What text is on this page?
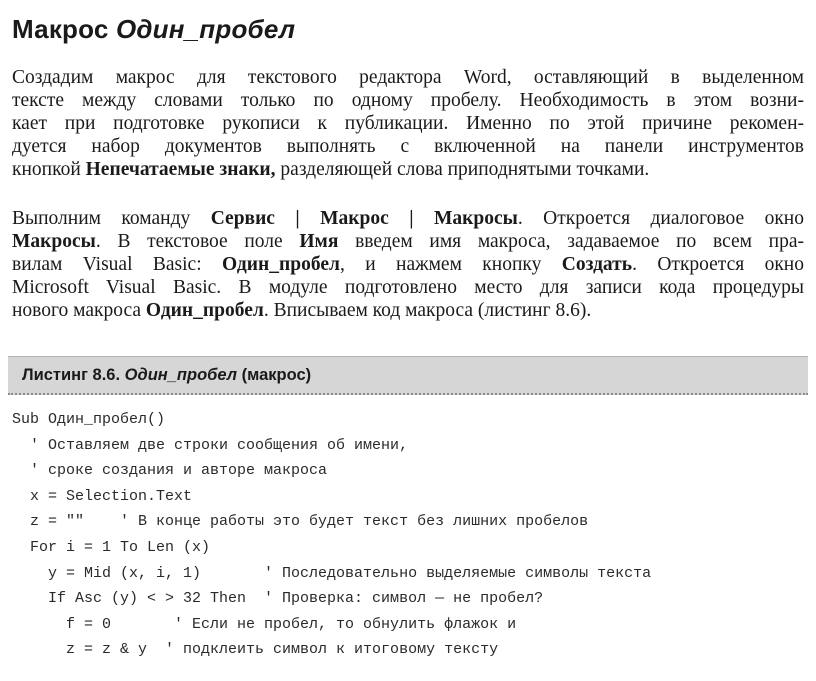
Макрос Один_пробел

Создадим макрос для текстового редактора Word, оставляющий в выделенном
тексте между словами только по одному пробелу. Необходимость в этом возни-
кает при подготовке рукописи к публикации. Именно по этой причине рекомен-
дуется набор документов выполнять с включенной на панели инструментов
кнопкой Непечатаемые знаки, разделяющей слова приподнятыми точками.

Выполним команду Сервис | Макрос | Макросы. Откроется диалоговое окно
Макросы. В текстовое поле Имя введем имя макроса, задаваемое по всем пра-
вилам Visual Basic: Один_пробел, и нажмем кнопку Создать. Откроется окно
Microsoft Visual Basic. В модуле подготовлено место для записи кода процедуры
нового макроса Один_пробел. Вписываем код макроса (листинг 8.6).

Листинг 8.6. Один_пробел (макрос)
Sub Один_пробел()
' Оставляем две строки сообщения об имени,
' сроке создания и авторе макроса
x = Selection.Text
z = ""    ' В конце работы это будет текст без лишних пробелов
For i = 1 To Len (x)
y = Mid (x, i, 1)       ' Последовательно выделяемые символы текста
If Asc (y) < > 32 Then  ' Проверка: символ — не пробел?
f = 0       ' Если не пробел, то обнулить флажок и
z = z & y  ' подклеить символ к итоговому тексту
